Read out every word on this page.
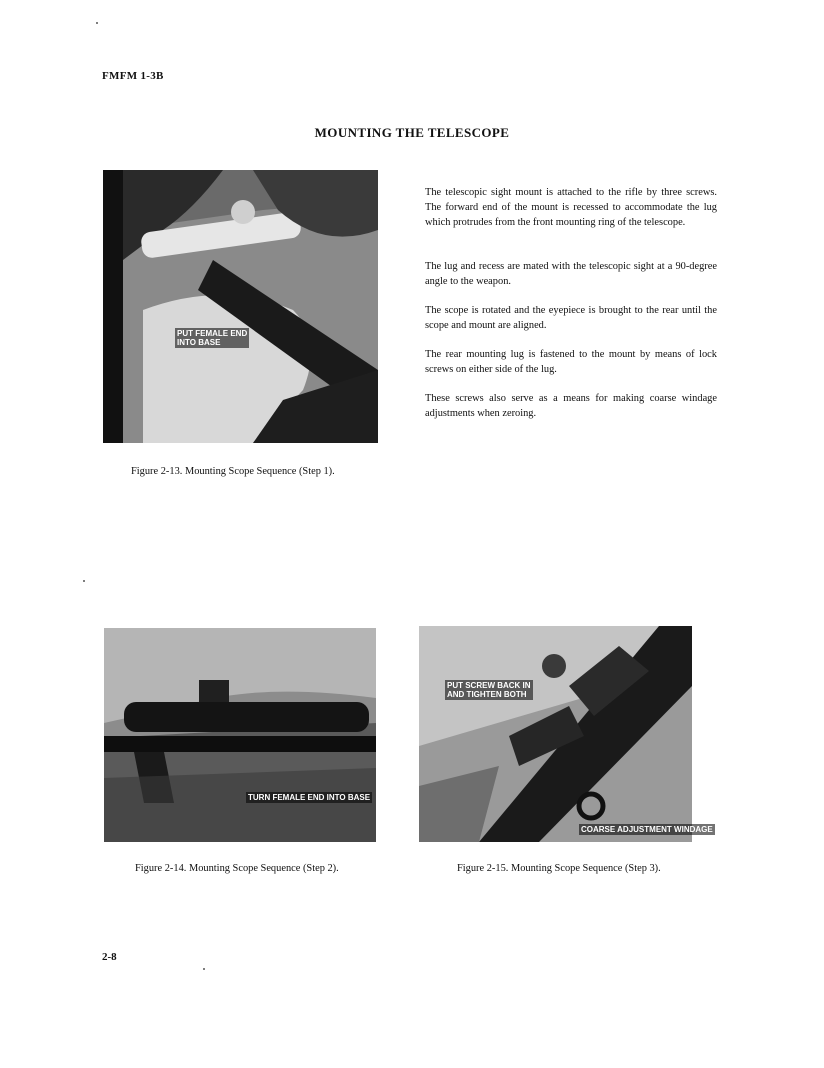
FMFM 1-3B
MOUNTING THE TELESCOPE
PUT FEMALE END
INTO BASE
The telescopic sight mount is attached to the rifle by three screws. The forward end of the mount is recessed to accommodate the lug which protrudes from the front mounting ring of the telescope.
The lug and recess are mated with the telescopic sight at a 90-degree angle to the weapon.
The scope is rotated and the eyepiece is brought to the rear until the scope and mount are aligned.
The rear mounting lug is fastened to the mount by means of lock screws on either side of the lug.
These screws also serve as a means for making coarse windage adjustments when zeroing.
Figure 2-13. Mounting Scope Sequence (Step 1).
TURN FEMALE END INTO BASE
PUT SCREW BACK IN
AND TIGHTEN BOTH
COARSE ADJUSTMENT WINDAGE
Figure 2-14. Mounting Scope Sequence (Step 2).	Figure 2-15. Mounting Scope Sequence (Step 3).
2-8
